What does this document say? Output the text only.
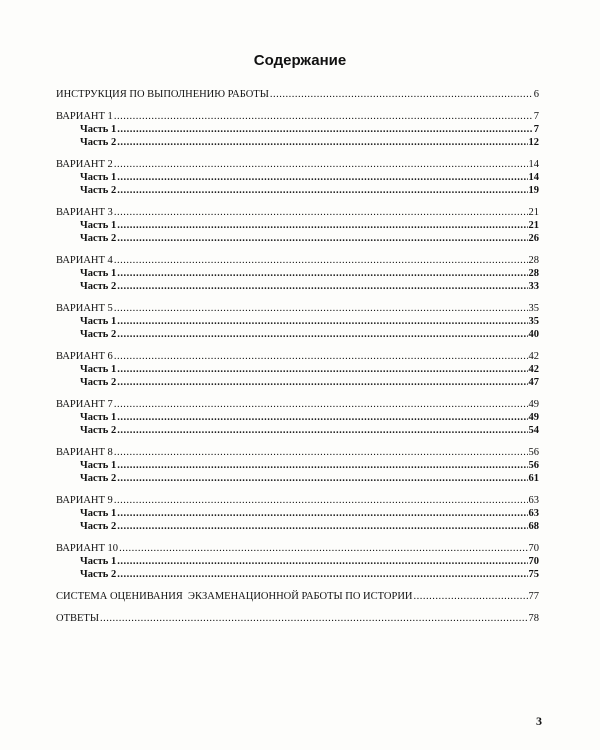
Содержание
ИНСТРУКЦИЯ ПО ВЫПОЛНЕНИЮ РАБОТЫ .....	6
ВАРИАНТ 1 .....	7
Часть 1 .....	7
Часть 2 .....	12
ВАРИАНТ 2 .....	14
Часть 1 .....	14
Часть 2 .....	19
ВАРИАНТ 3 .....	21
Часть 1 .....	21
Часть 2 .....	26
ВАРИАНТ 4 .....	28
Часть 1 .....	28
Часть 2 .....	33
ВАРИАНТ 5 .....	35
Часть 1 .....	35
Часть 2 .....	40
ВАРИАНТ 6 .....	42
Часть 1 .....	42
Часть 2 .....	47
ВАРИАНТ 7 .....	49
Часть 1 .....	49
Часть 2 .....	54
ВАРИАНТ 8 .....	56
Часть 1 .....	56
Часть 2 .....	61
ВАРИАНТ 9 .....	63
Часть 1 .....	63
Часть 2 .....	68
ВАРИАНТ 10 .....	70
Часть 1 .....	70
Часть 2 .....	75
СИСТЕМА ОЦЕНИВАНИЯ  ЭКЗАМЕНАЦИОННОЙ РАБОТЫ ПО ИСТОРИИ .....	77
ОТВЕТЫ .....	78
3
